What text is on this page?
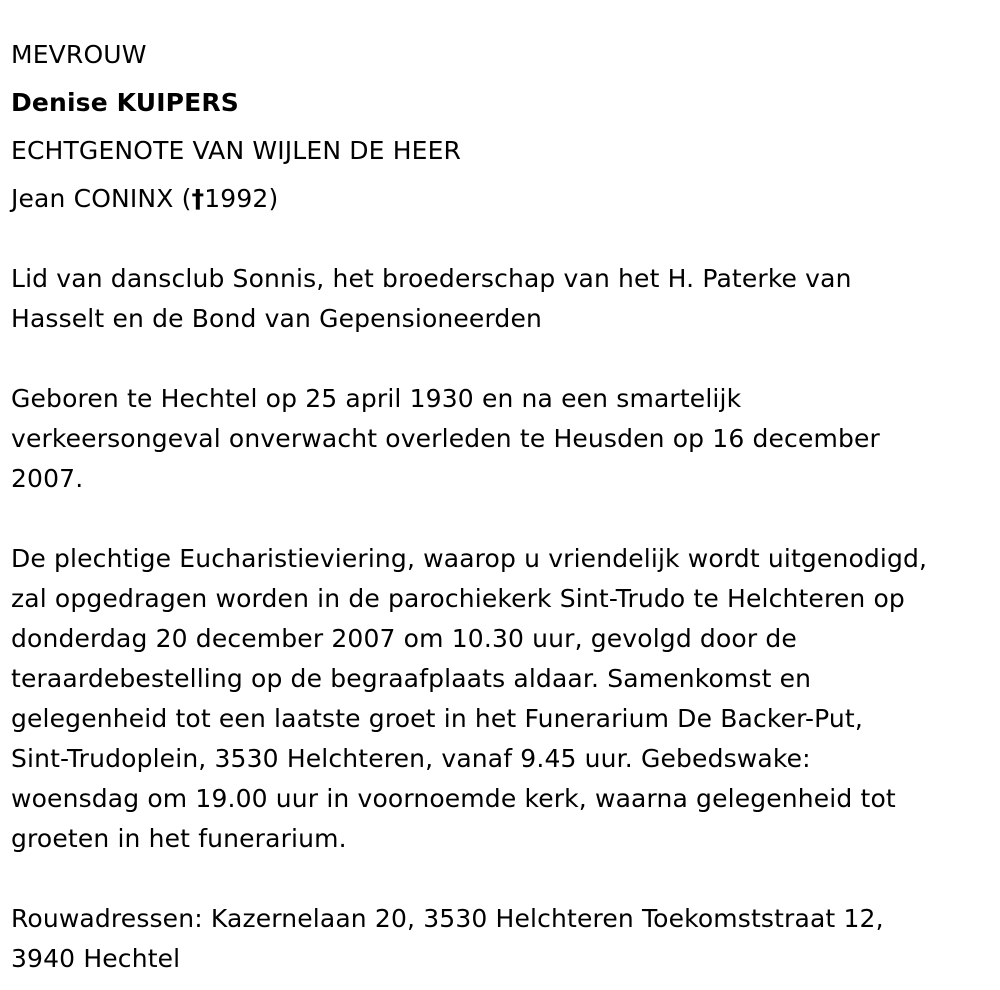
MEVROUW
Denise KUIPERS
ECHTGENOTE VAN WIJLEN DE HEER
Jean CONINX (†1992)
Lid van dansclub Sonnis, het broederschap van het H. Paterke van
Hasselt en de Bond van Gepensioneerden
Geboren te Hechtel op 25 april 1930 en na een smartelijk
verkeersongeval onverwacht overleden te Heusden op 16 december
2007.
De plechtige Eucharistieviering, waarop u vriendelijk wordt uitgenodigd,
zal opgedragen worden in de parochiekerk Sint-Trudo te Helchteren op
donderdag 20 december 2007 om 10.30 uur, gevolgd door de
teraardebestelling op de begraafplaats aldaar. Samenkomst en
gelegenheid tot een laatste groet in het Funerarium De Backer-Put,
Sint-Trudoplein, 3530 Helchteren, vanaf 9.45 uur. Gebedswake:
woensdag om 19.00 uur in voornoemde kerk, waarna gelegenheid tot
groeten in het funerarium.
Rouwadressen: Kazernelaan 20, 3530 Helchteren Toekomststraat 12,
3940 Hechtel
